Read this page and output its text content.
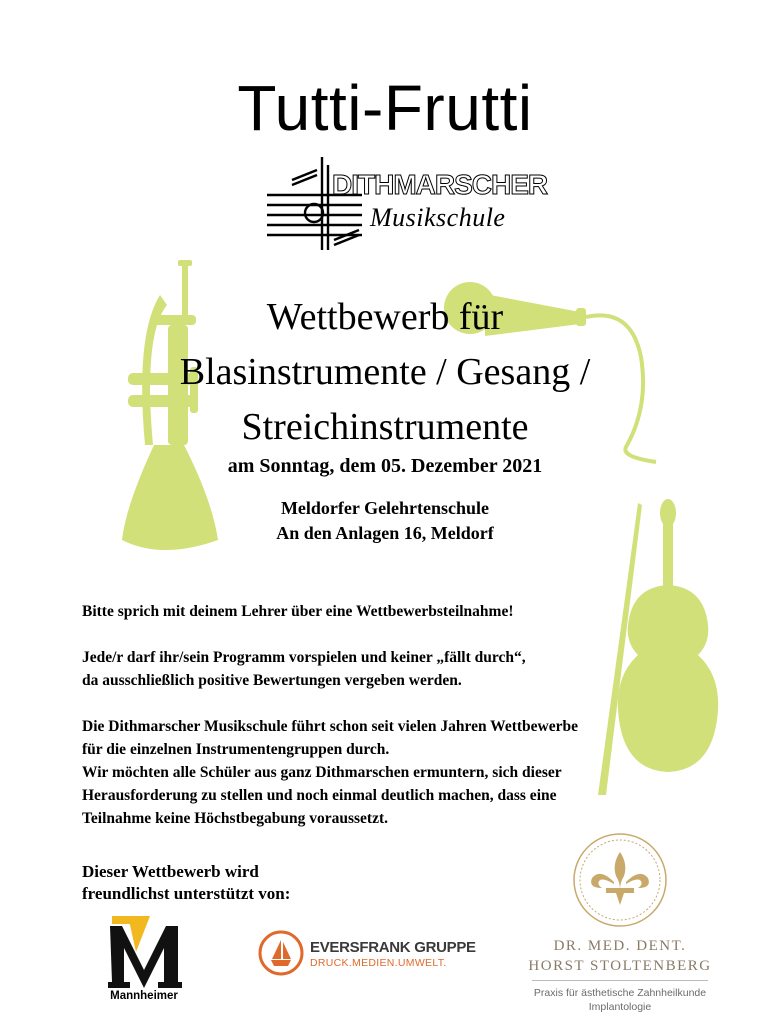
Tutti-Frutti
DITHMARSCHER
Musikschule
Wettbewerb für
Blasinstrumente / Gesang /
Streichinstrumente
am Sonntag, dem 05. Dezember 2021
Meldorfer Gelehrtenschule
An den Anlagen 16, Meldorf

Bitte sprich mit deinem Lehrer über eine Wettbewerbsteilnahme!

Jede/r darf ihr/sein Programm vorspielen und keiner „fällt durch“,
da ausschließlich positive Bewertungen vergeben werden.

Die Dithmarscher Musikschule führt schon seit vielen Jahren Wettbewerbe
für die einzelnen Instrumentengruppen durch.
Wir möchten alle Schüler aus ganz Dithmarschen ermuntern, sich dieser
Herausforderung zu stellen und noch einmal deutlich machen, dass eine
Teilnahme keine Höchstbegabung voraussetzt.

Dieser Wettbewerb wird
freundlichst unterstützt von:
Mannheimer
EVERSFRANK GRUPPE
DRUCK.MEDIEN.UMWELT.
DR. MED. DENT.
HORST STOLTENBERG
Praxis für ästhetische Zahnheilkunde
Implantologie
